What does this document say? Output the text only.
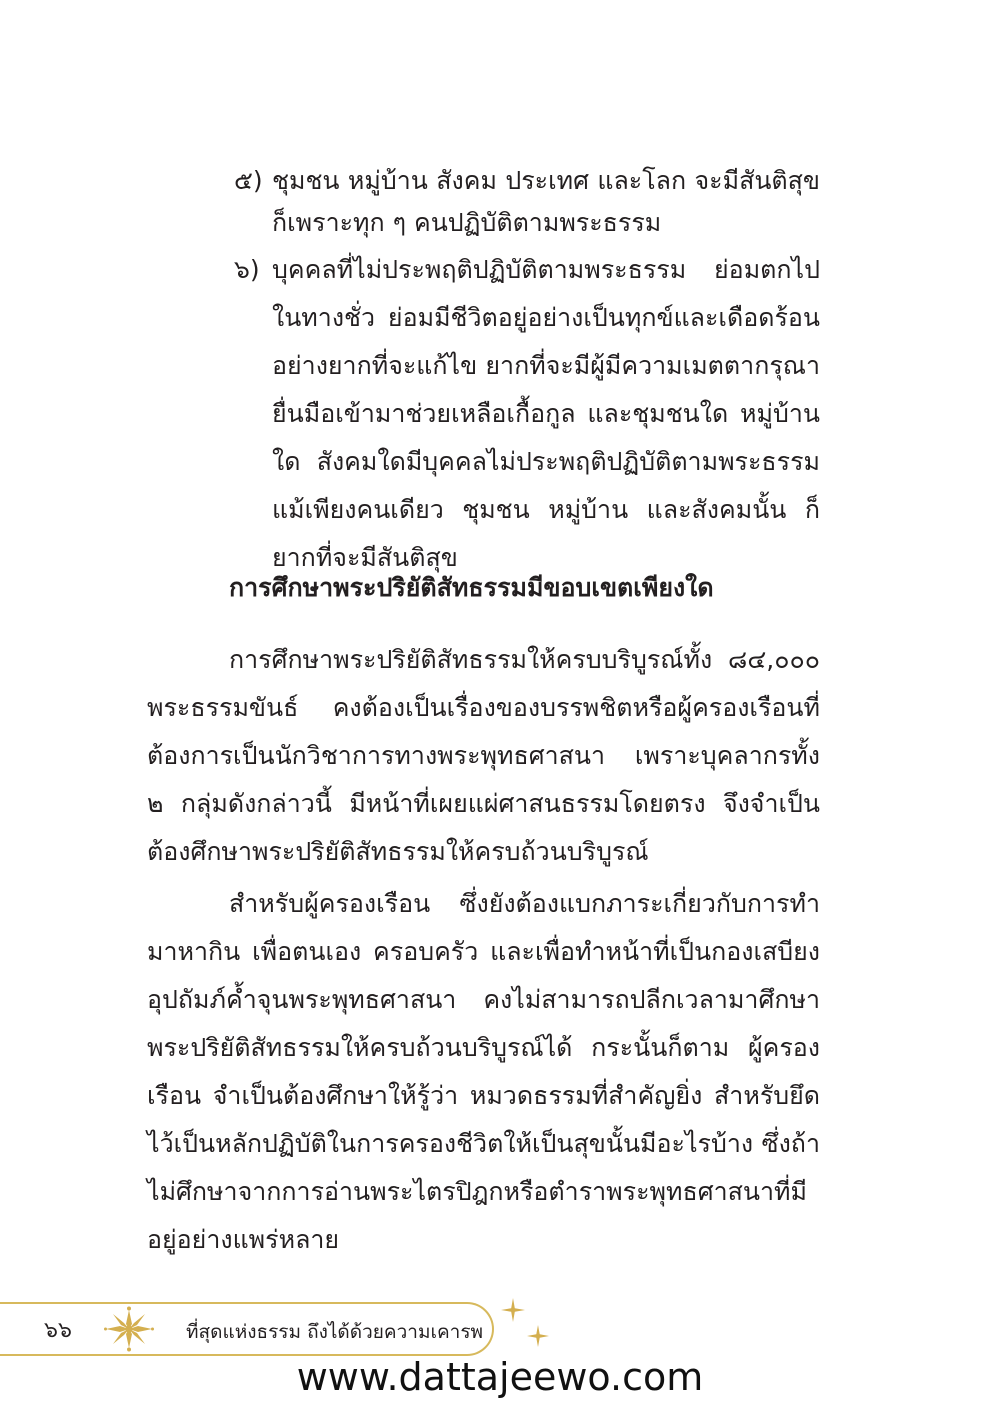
๕) ชุมชน หมู่บ้าน สังคม ประเทศ และโลก จะมีสันติสุข ก็เพราะทุก ๆ คนปฏิบัติตามพระธรรม
๖) บุคคลที่ไม่ประพฤติปฏิบัติตามพระธรรม ย่อมตกไปในทางชั่ว ย่อมมีชีวิตอยู่อย่างเป็นทุกข์และเดือดร้อน อย่างยากที่จะแก้ไข ยากที่จะมีผู้มีความเมตตากรุณายื่นมือเข้ามาช่วยเหลือเกื้อกูล และชุมชนใด หมู่บ้านใด สังคมใดมีบุคคลไม่ประพฤติปฏิบัติตามพระธรรม แม้เพียงคนเดียว ชุมชน หมู่บ้าน และสังคมนั้น ก็ยากที่จะมีสันติสุข
การศึกษาพระปริยัติสัทธรรมมีขอบเขตเพียงใด

การศึกษาพระปริยัติสัทธรรมให้ครบบริบูรณ์ทั้ง ๘๔,๐๐๐ พระธรรมขันธ์ คงต้องเป็นเรื่องของบรรพชิตหรือผู้ครองเรือนที่ต้องการเป็นนักวิชาการทางพระพุทธศาสนา เพราะบุคลากรทั้ง ๒ กลุ่มดังกล่าวนี้ มีหน้าที่เผยแผ่ศาสนธรรมโดยตรง จึงจำเป็นต้องศึกษาพระปริยัติสัทธรรมให้ครบถ้วนบริบูรณ์

สำหรับผู้ครองเรือน ซึ่งยังต้องแบกภาระเกี่ยวกับการทำมาหากิน เพื่อตนเอง ครอบครัว และเพื่อทำหน้าที่เป็นกองเสบียง อุปถัมภ์ค้ำจุนพระพุทธศาสนา คงไม่สามารถปลีกเวลามาศึกษาพระปริยัติสัทธรรมให้ครบถ้วนบริบูรณ์ได้ กระนั้นก็ตาม ผู้ครองเรือน จำเป็นต้องศึกษาให้รู้ว่า หมวดธรรมที่สำคัญยิ่ง สำหรับยึดไว้เป็นหลักปฏิบัติในการครองชีวิตให้เป็นสุขนั้นมีอะไรบ้าง ซึ่งถ้าไม่ศึกษาจากการอ่านพระไตรปิฎกหรือตำราพระพุทธศาสนาที่มีอยู่อย่างแพร่หลาย

๖๖	ที่สุดแห่งธรรม ถึงได้ด้วยความเคารพ
www.dattajeewo.com
